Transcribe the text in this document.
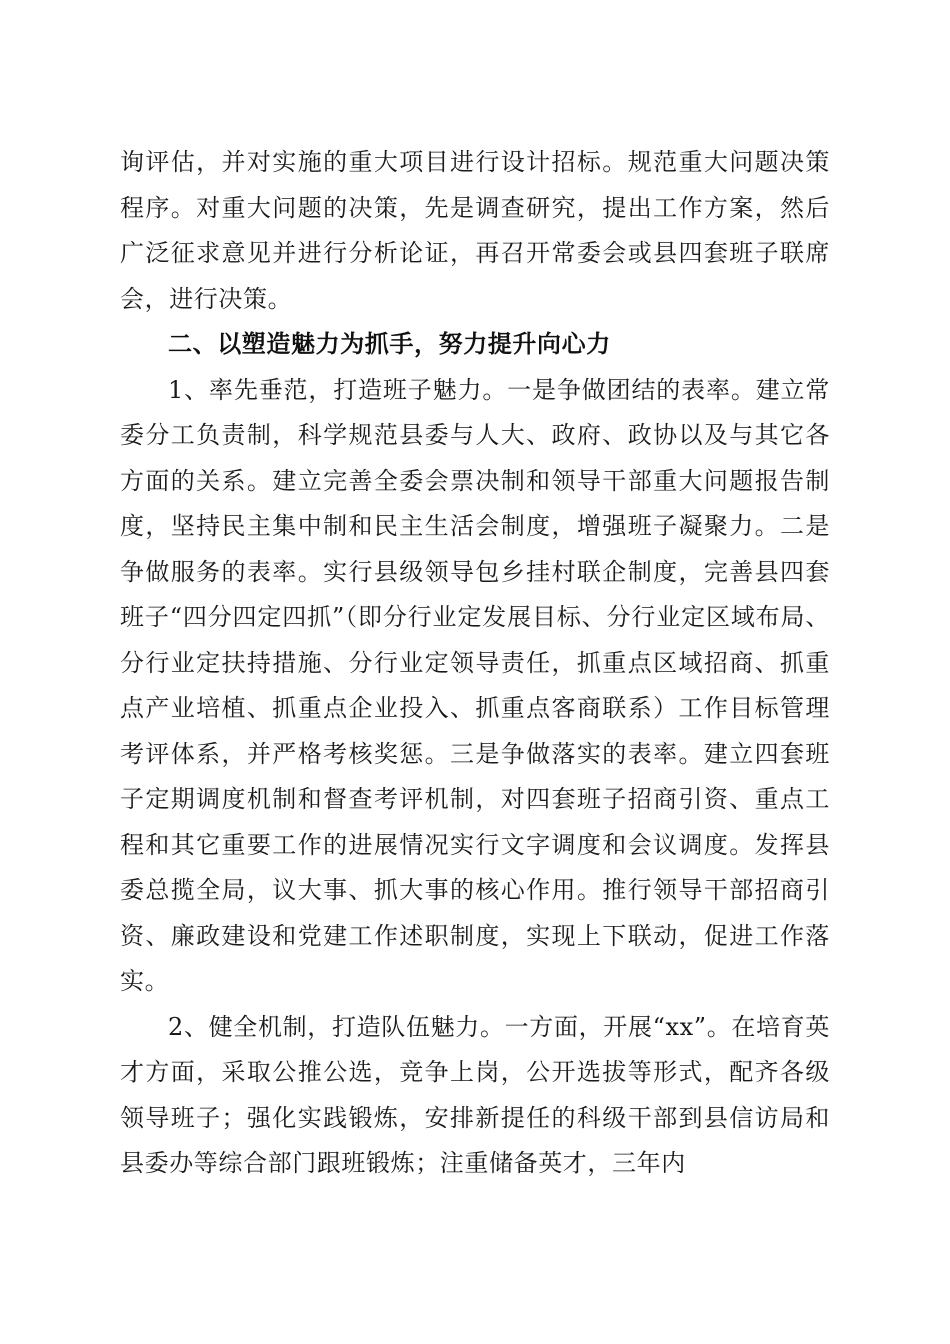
询评估，并对实施的重大项目进行设计招标。规范重大问题决策程序。对重大问题的决策，先是调查研究，提出工作方案，然后广泛征求意见并进行分析论证，再召开常委会或县四套班子联席会，进行决策。

二、以塑造魅力为抓手，努力提升向心力

1、率先垂范，打造班子魅力。一是争做团结的表率。建立常委分工负责制，科学规范县委与人大、政府、政协以及与其它各方面的关系。建立完善全委会票决制和领导干部重大问题报告制度，坚持民主集中制和民主生活会制度，增强班子凝聚力。二是争做服务的表率。实行县级领导包乡挂村联企制度，完善县四套班子“四分四定四抓”（即分行业定发展目标、分行业定区域布局、分行业定扶持措施、分行业定领导责任，抓重点区域招商、抓重点产业培植、抓重点企业投入、抓重点客商联系）工作目标管理考评体系，并严格考核奖惩。三是争做落实的表率。建立四套班子定期调度机制和督查考评机制，对四套班子招商引资、重点工程和其它重要工作的进展情况实行文字调度和会议调度。发挥县委总揽全局，议大事、抓大事的核心作用。推行领导干部招商引资、廉政建设和党建工作述职制度，实现上下联动，促进工作落实。

2、健全机制，打造队伍魅力。一方面，开展“xx”。在培育英才方面，采取公推公选，竞争上岗，公开选拔等形式，配齐各级领导班子；强化实践锻炼，安排新提任的科级干部到县信访局和县委办等综合部门跟班锻炼；注重储备英才，三年内
